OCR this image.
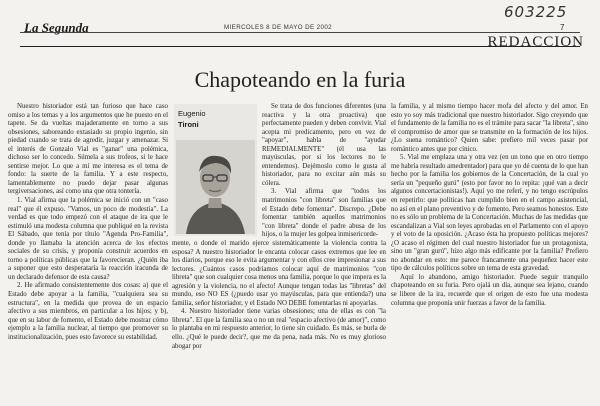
La Segunda	MIERCOLES 8 DE MAYO DE 2002
603225
7
REDACCION
Chapoteando en la furia

Nuestro historiador está tan furioso que hace caso omiso a los temas y a los argumentos que he puesto en el tapete. Se da vueltas majaderamente en torno a sus obsesiones, saboreando extasiado su propio ingenio, sin piedad cuando se trata de agredir, juzgar y amenazar. Si el interés de Gonzalo Vial es "ganar" una polémica, dichoso ser lo concedo. Súmela a sus trofeos, si le hace sentirse mejor. Lo que a mí me interesa es el tema de fondo: la suerte de la familia. Y a este respecto, lamentablemente no puedo dejar pasar algunas tergiversaciones, así como una que otra tontería.

1. Vial afirma que la polémica se inició con un "caso real" que él expuso. "Vamos, un poco de modestia". La verdad es que todo empezó con el ataque de ira que le estimuló una modesta columna que publiqué en la revista El Sábado, que tenía por título "Agenda Pro-Familia", donde yo llamaba la atención acerca de los efectos sociales de su crisis, y proponía construir acuerdos en torno a políticas públicas que la favorecieran. ¿Quién iba a suponer que esto desperataría la reacción iracunda de un declarado defensor de esta causa?

2. He afirmado consistentemente dos cosas: a) que el Estado debe apoyar a la familia, "cualquiera sea su estructura", en la medida que provea de un espacio afectivo a sus miembros, en particular a los hijos; y b), que en su labor de fomento, el Estado debe mostrar cómo ejemplo a la familia nuclear, al tiempo que promover su institucionalización, pues esto favorece su estabilidad.

Eugenio
Tironi

Se trata de dos funciones diferentes (una reactiva y la otra proactiva) que perfectamente pueden y deben convivir. Vial acepta mi predicamento, pero en vez de "apoyar", habla de "ayudar REMEDIALMENTE" (él usa las mayúsculas, por si los lectores no le entendemos). Dejémoslo como le gusta al historiador, para no excitar aún más su cólera.

3. Vial afirma que "todos los matrimonios "con libreta" son familias que el Estado debe fomentar". Discrepo. ¿Debe fomentar también aquellos matrimonios "con libreta" donde el padre abusa de los hijos, o la mujer les golpea inmisericorde-

mente, o donde el marido ejerce sistemáticamente la violencia contra la esposa? A nuestro historiador le encanta colocar casos extremos que lee en los diarios, porque eso le evita argumentar y con ellos cree impresionar a sus lectores. ¿Cuántos casos podríamos colocar aquí de matrimonios "con libreta" que son cualquier cosa menos una familia, porque lo que impera es la agresión y la violencia, no el afecto! Aunque tengan todas las "libretas" del mundo, eso NO ES (¿puedo usar yo mayúsculas, para que entienda?) una familia, señor historiador, y el Estado NO DEBE fomentarlas ni apoyarlas.

4. Nuestro historiador tiene varias obsesiones; una de ellas es con "la libreta". El que la familia sea o no un real "espacio afectivo (de amor)", como lo plantaba en mi respuesto anterior, lo tiene sin cuidado. Es más, se burla de ello. ¿Qué le puede decir?, que me da pena, nada más. No es muy glorioso abogar por

la familia, y al mismo tiempo hacer mofa del afecto y del amor. En esto yo soy más tradicional que nuestro historiador. Sigo creyendo que el fundamento de la familia no es el trámite para sacar "la libreta", sino el compromiso de amor que se transmite en la formación de los hijos. ¿Lo suena romántico? Quien sabe: prefiero mil veces pasar por romántico antes que por cínico.

5. Vial me emplaza una y otra vez (en un tono que en otro tiempo me habría resultado amedrentador) para que yo dé cuenta de lo que han hecho por la familia los gobiernos de la Concertación, de la cual yo sería un "pequeño gurú" (esto por favor no lo repita: ¡qué van a decir algunos concertacionistas!). Aquí yo me referí, y no tengo escrúpulos en repetirlo: que políticas han cumplido bien en el campo asistencial, no así en el plano preventivo y de fomento. Pero seamos honestos. Este no es sólo un problema de la Concertación. Muchas de las medidas que escandalizan a Vial son leyes aprobadas en el Parlamento con el apoyo y el voto de la oposición. ¿Acaso ésta ha propuesto políticas mejores? ¿O acaso el régimen del cual nuestro historiador fue un protagonista, sino un "gran gurú", hizo algo más edificante por la familia? Prefiero no abondar en esto: me parece francamente una pequeñez hacer este tipo de cálculos políticos sobre un tema de esta gravedad.

Aquí lo abandono, amigo historiador. Puede seguir tranquilo chapoteando en su furia. Pero ojalá un día, aunque sea lejano, cuando se libere de la ira, recuerde que el origen de esto fue una modesta columna que proponía unir fuerzas a favor de la familia.
